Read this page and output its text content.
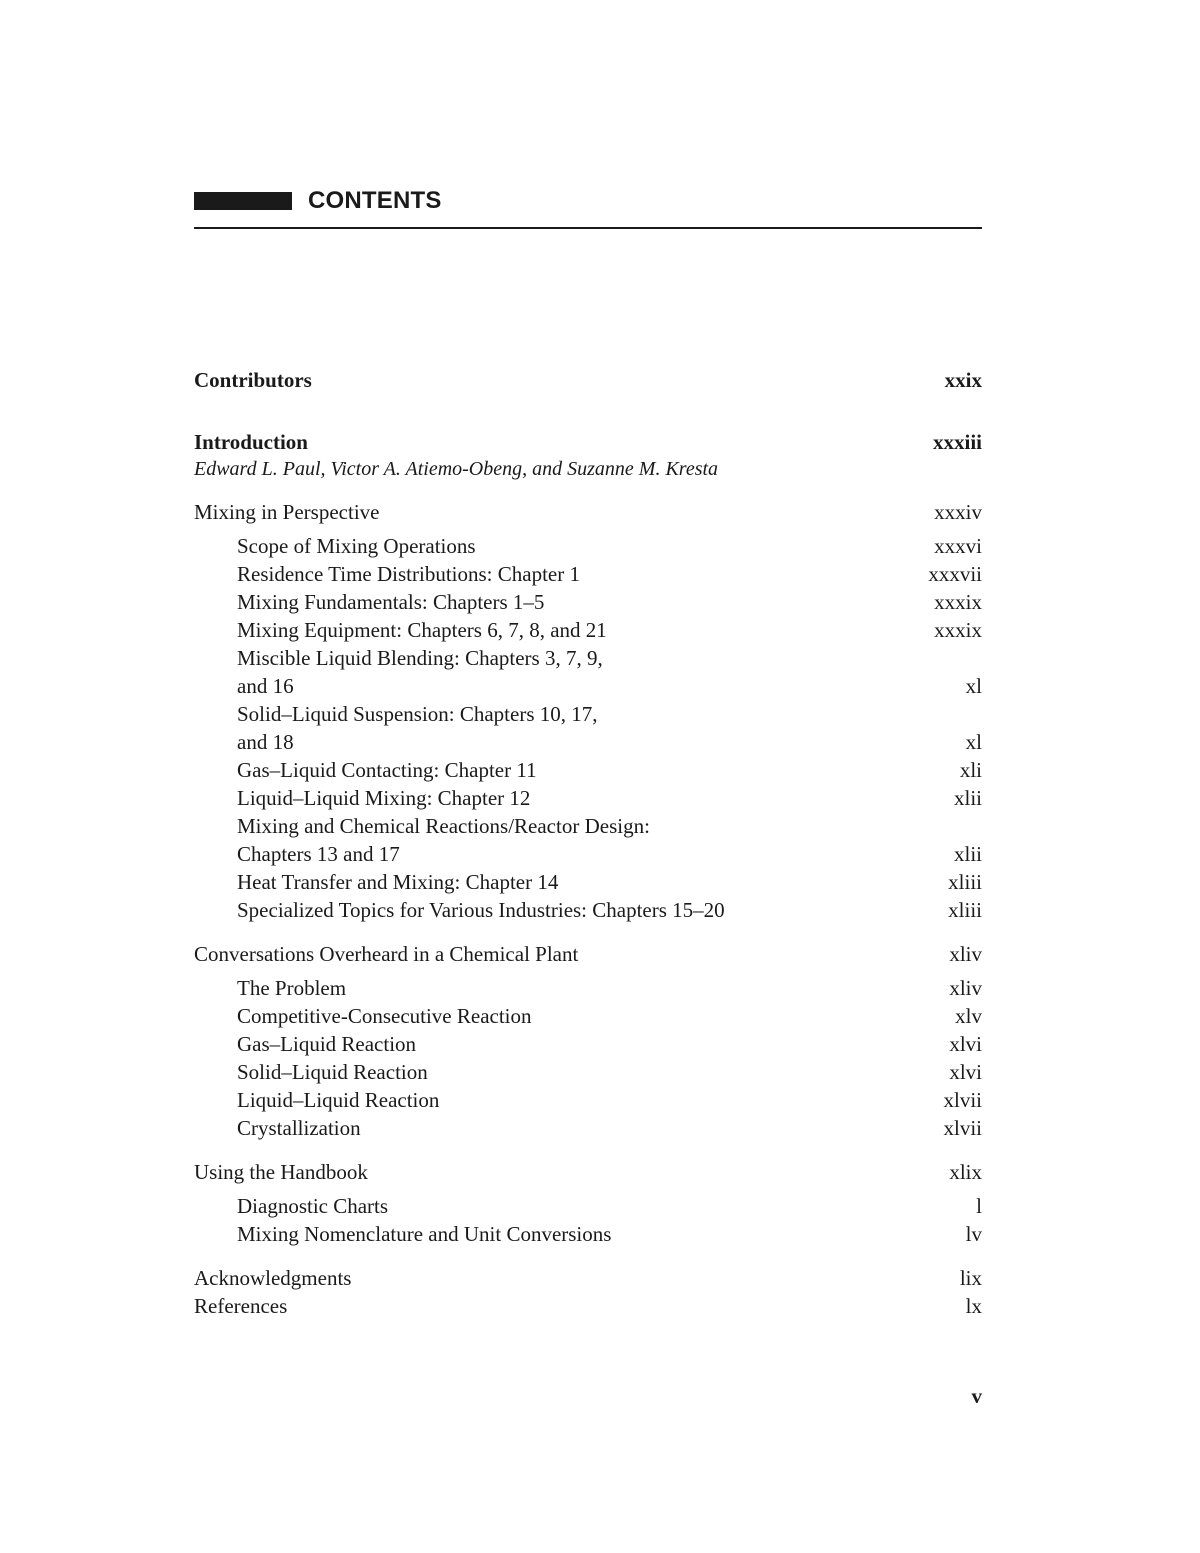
CONTENTS
Contributors	xxix
Introduction	xxxiii
Edward L. Paul, Victor A. Atiemo-Obeng, and Suzanne M. Kresta
Mixing in Perspective	xxxiv
Scope of Mixing Operations	xxxvi
Residence Time Distributions: Chapter 1	xxxvii
Mixing Fundamentals: Chapters 1–5	xxxix
Mixing Equipment: Chapters 6, 7, 8, and 21	xxxix
Miscible Liquid Blending: Chapters 3, 7, 9,
and 16	xl
Solid–Liquid Suspension: Chapters 10, 17,
and 18	xl
Gas–Liquid Contacting: Chapter 11	xli
Liquid–Liquid Mixing: Chapter 12	xlii
Mixing and Chemical Reactions/Reactor Design:
Chapters 13 and 17	xlii
Heat Transfer and Mixing: Chapter 14	xliii
Specialized Topics for Various Industries: Chapters 15–20	xliii
Conversations Overheard in a Chemical Plant	xliv
The Problem	xliv
Competitive-Consecutive Reaction	xlv
Gas–Liquid Reaction	xlvi
Solid–Liquid Reaction	xlvi
Liquid–Liquid Reaction	xlvii
Crystallization	xlvii
Using the Handbook	xlix
Diagnostic Charts	l
Mixing Nomenclature and Unit Conversions	lv
Acknowledgments	lix
References	lx
v
